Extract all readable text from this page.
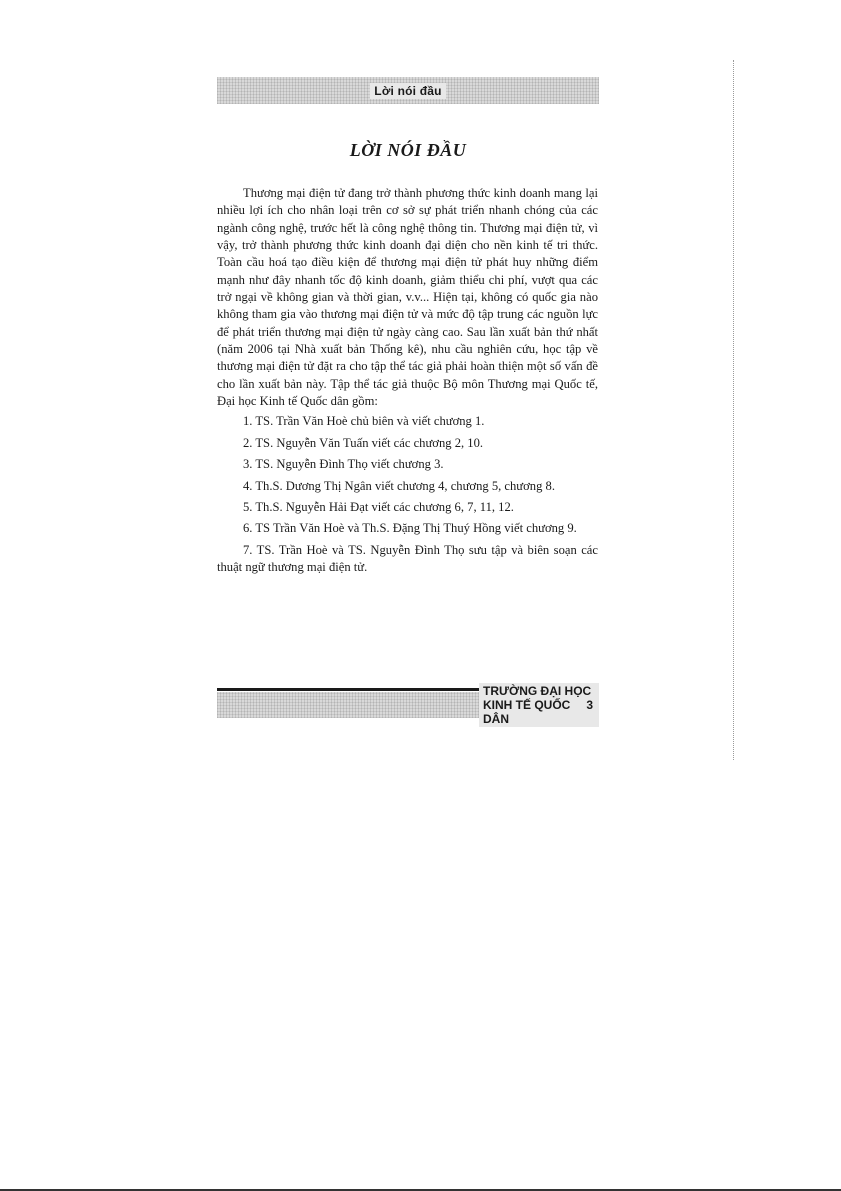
Lời nói đầu
LỜI NÓI ĐẦU

Thương mại điện tử đang trở thành phương thức kinh doanh mang lại nhiều lợi ích cho nhân loại trên cơ sở sự phát triển nhanh chóng của các ngành công nghệ, trước hết là công nghệ thông tin. Thương mại điện tử, vì vậy, trở thành phương thức kinh doanh đại diện cho nền kinh tế tri thức. Toàn cầu hoá tạo điều kiện để thương mại điện tử phát huy những điểm mạnh như đây nhanh tốc độ kinh doanh, giảm thiểu chi phí, vượt qua các trở ngại về không gian và thời gian, v.v... Hiện tại, không có quốc gia nào không tham gia vào thương mại điện tử và mức độ tập trung các nguồn lực để phát triển thương mại điện tử ngày càng cao. Sau lần xuất bản thứ nhất (năm 2006 tại Nhà xuất bản Thống kê), nhu cầu nghiên cứu, học tập về thương mại điện tử đặt ra cho tập thể tác giả phải hoàn thiện một số vấn đề cho lần xuất bản này. Tập thể tác giả thuộc Bộ môn Thương mại Quốc tế, Đại học Kinh tế Quốc dân gồm:

1. TS. Trần Văn Hoè chủ biên và viết chương 1.
2. TS. Nguyễn Văn Tuấn viết các chương 2, 10.
3. TS. Nguyễn Đình Thọ viết chương 3.
4. Th.S. Dương Thị Ngân viết chương 4, chương 5, chương 8.
5. Th.S. Nguyễn Hải Đạt viết các chương 6, 7, 11, 12.
6. TS Trần Văn Hoè và Th.S. Đặng Thị Thuý Hồng viết chương 9.
7. TS. Trần Hoè và TS. Nguyễn Đình Thọ sưu tập và biên soạn các thuật ngữ thương mại điện tử.
TRƯỜNG ĐẠI HỌC KINH TẾ QUỐC DÂN
3
